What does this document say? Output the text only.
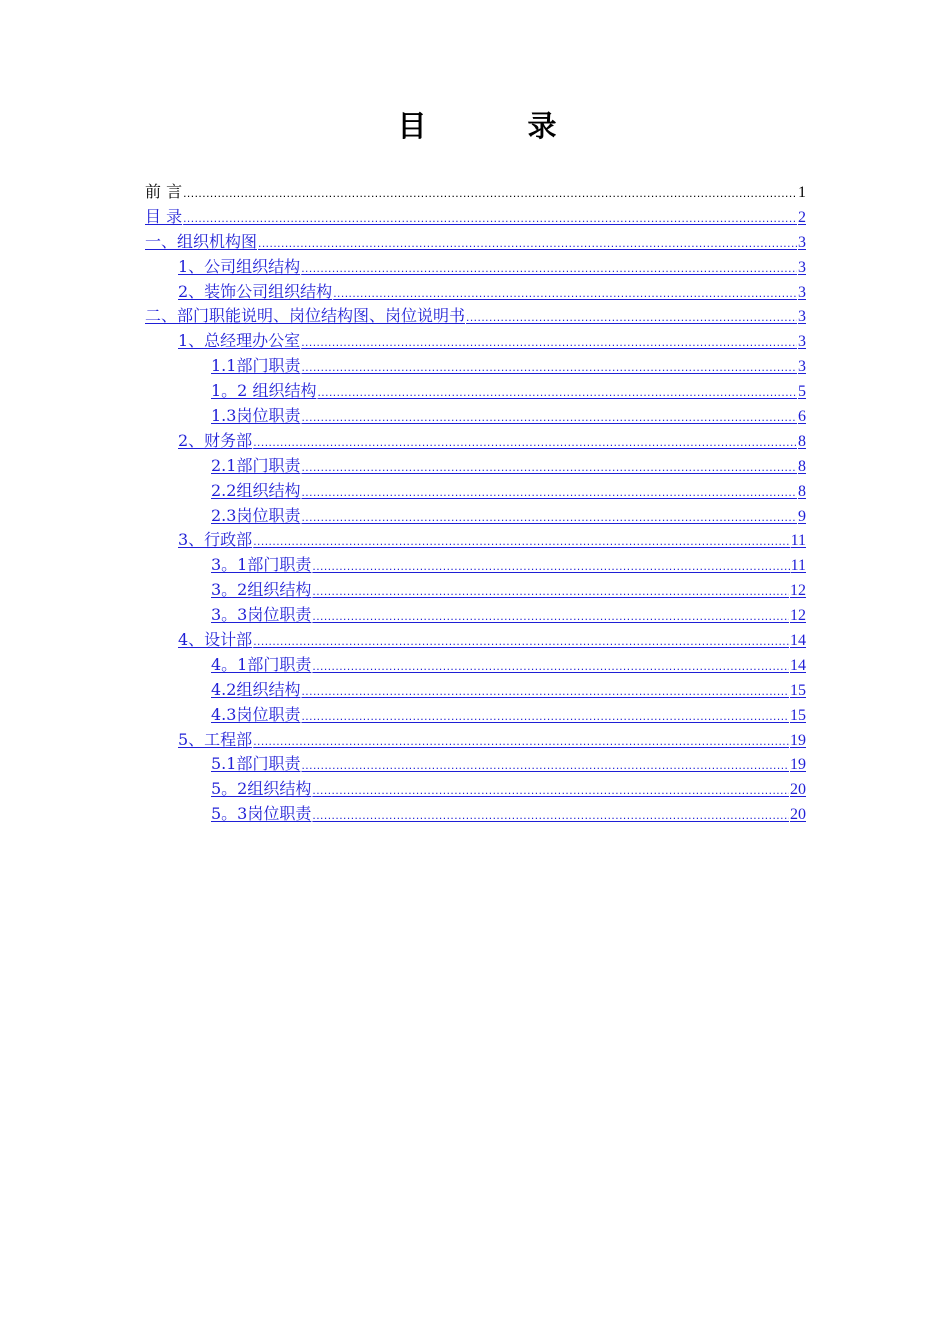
目　录
前 言 .....	1
目 录 .....	2
一、组织机构图 .....	3
1、公司组织结构 .....	3
2、装饰公司组织结构 .....	3
二、部门职能说明、岗位结构图、岗位说明书 .....	3
1、总经理办公室 .....	3
1.1部门职责 .....	3
1。2 组织结构 .....	5
1.3岗位职责 .....	6
2、财务部 .....	8
2.1部门职责 .....	8
2.2组织结构 .....	8
2.3岗位职责 .....	9
3、行政部 .....	11
3。1部门职责 .....	11
3。2组织结构 .....	12
3。3岗位职责 .....	12
4、设计部 .....	14
4。1部门职责 .....	14
4.2组织结构 .....	15
4.3岗位职责 .....	15
5、工程部 .....	19
5.1部门职责 .....	19
5。2组织结构 .....	20
5。3岗位职责 .....	20
